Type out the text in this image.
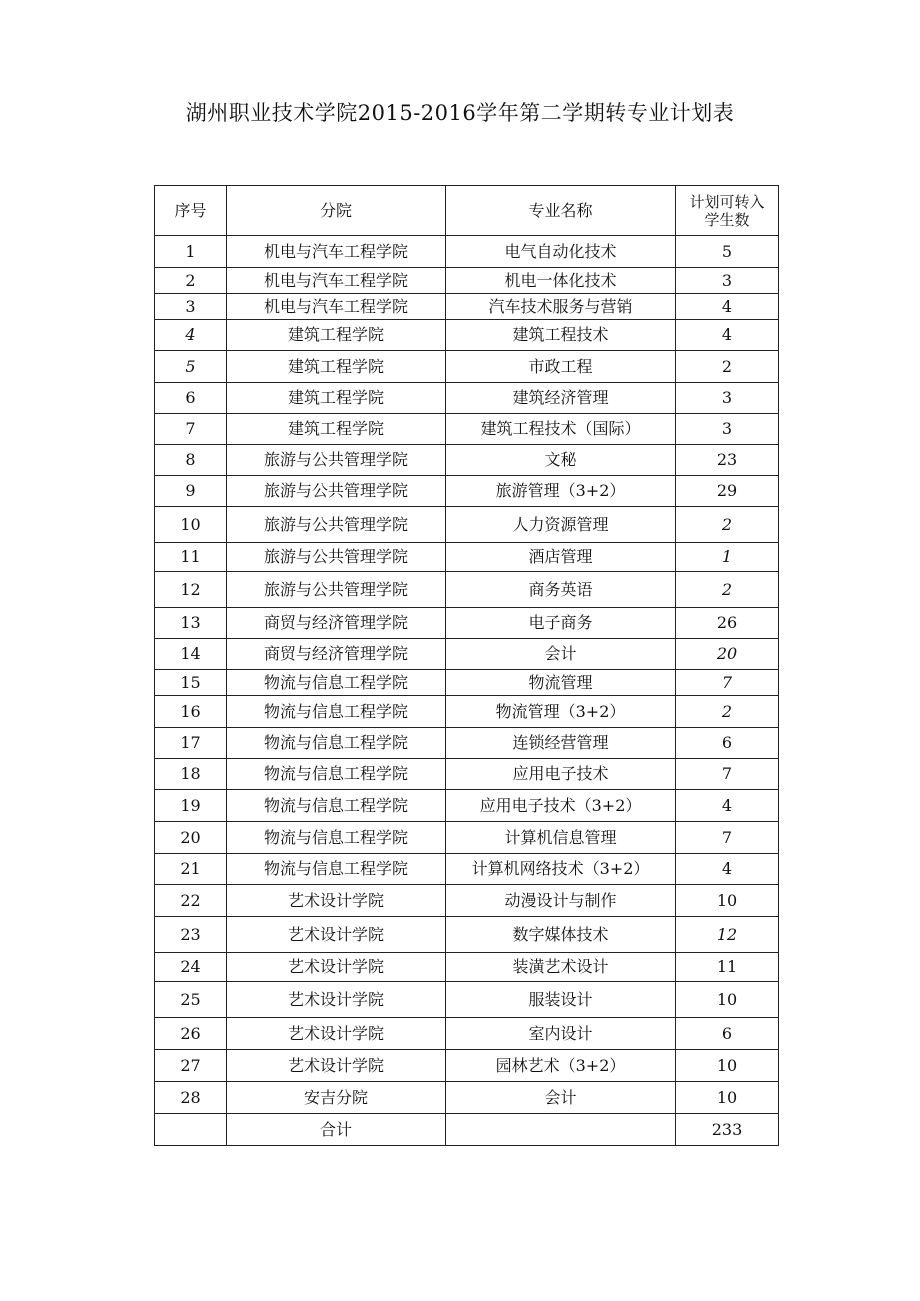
湖州职业技术学院2015-2016学年第二学期转专业计划表
序号	分院	专业名称	计划可转入
学生数

1	机电与汽车工程学院	电气自动化技术	5
2	机电与汽车工程学院	机电一体化技术	3
3	机电与汽车工程学院	汽车技术服务与营销	4
4	建筑工程学院	建筑工程技术	4
5	建筑工程学院	市政工程	2
6	建筑工程学院	建筑经济管理	3
7	建筑工程学院	建筑工程技术（国际）	3
8	旅游与公共管理学院	文秘	23
9	旅游与公共管理学院	旅游管理（3+2）	29
10	旅游与公共管理学院	人力资源管理	2
11	旅游与公共管理学院	酒店管理	1
12	旅游与公共管理学院	商务英语	2
13	商贸与经济管理学院	电子商务	26
14	商贸与经济管理学院	会计	20
15	物流与信息工程学院	物流管理	7
16	物流与信息工程学院	物流管理（3+2）	2
17	物流与信息工程学院	连锁经营管理	6
18	物流与信息工程学院	应用电子技术	7
19	物流与信息工程学院	应用电子技术（3+2）	4
20	物流与信息工程学院	计算机信息管理	7
21	物流与信息工程学院	计算机网络技术（3+2）	4
22	艺术设计学院	动漫设计与制作	10
23	艺术设计学院	数字媒体技术	12
24	艺术设计学院	装潢艺术设计	11
25	艺术设计学院	服装设计	10
26	艺术设计学院	室内设计	6
27	艺术设计学院	园林艺术（3+2）	10
28	安吉分院	会计	10
	合计		233
